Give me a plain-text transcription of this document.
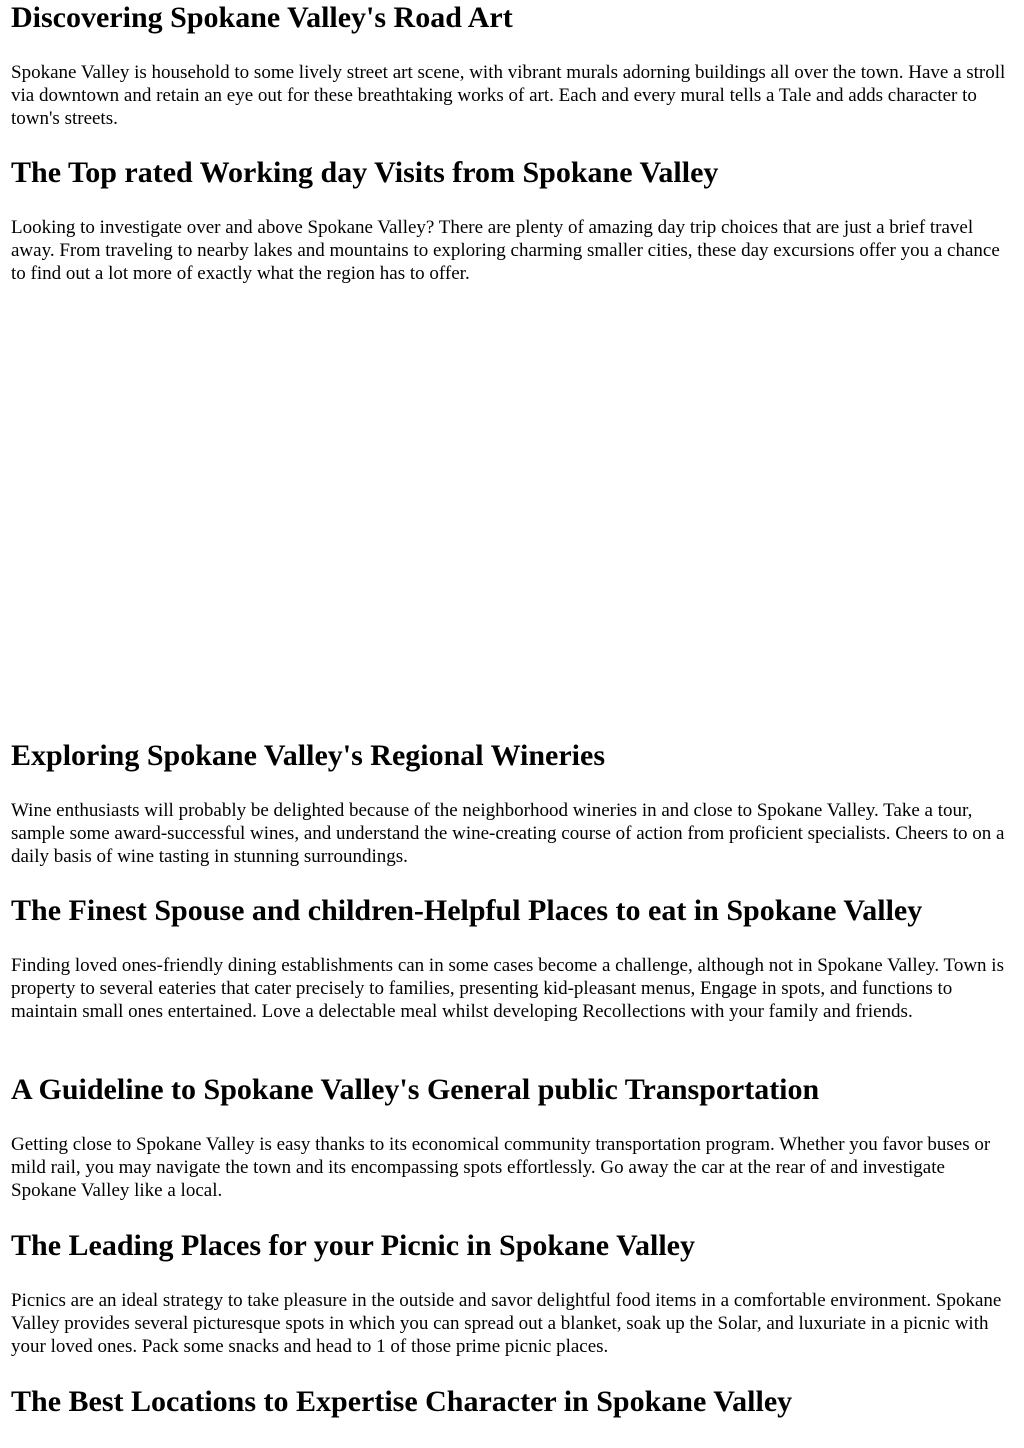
Discovering Spokane Valley's Road Art

Spokane Valley is household to some lively street art scene, with vibrant murals adorning buildings all over the town. Have a stroll via downtown and retain an eye out for these breathtaking works of art. Each and every mural tells a Tale and adds character to town's streets.

The Top rated Working day Visits from Spokane Valley

Looking to investigate over and above Spokane Valley? There are plenty of amazing day trip choices that are just a brief travel away. From traveling to nearby lakes and mountains to exploring charming smaller cities, these day excursions offer you a chance to find out a lot more of exactly what the region has to offer.

Exploring Spokane Valley's Regional Wineries

Wine enthusiasts will probably be delighted because of the neighborhood wineries in and close to Spokane Valley. Take a tour, sample some award-successful wines, and understand the wine-creating course of action from proficient specialists. Cheers to on a daily basis of wine tasting in stunning surroundings.

The Finest Spouse and children-Helpful Places to eat in Spokane Valley

Finding loved ones-friendly dining establishments can in some cases become a challenge, although not in Spokane Valley. Town is property to several eateries that cater precisely to families, presenting kid-pleasant menus, Engage in spots, and functions to maintain small ones entertained. Love a delectable meal whilst developing Recollections with your family and friends.

A Guideline to Spokane Valley's General public Transportation

Getting close to Spokane Valley is easy thanks to its economical community transportation program. Whether you favor buses or mild rail, you may navigate the town and its encompassing spots effortlessly. Go away the car at the rear of and investigate Spokane Valley like a local.

The Leading Places for your Picnic in Spokane Valley

Picnics are an ideal strategy to take pleasure in the outside and savor delightful food items in a comfortable environment. Spokane Valley provides several picturesque spots in which you can spread out a blanket, soak up the Solar, and luxuriate in a picnic with your loved ones. Pack some snacks and head to 1 of those prime picnic places.

The Best Locations to Expertise Character in Spokane Valley
